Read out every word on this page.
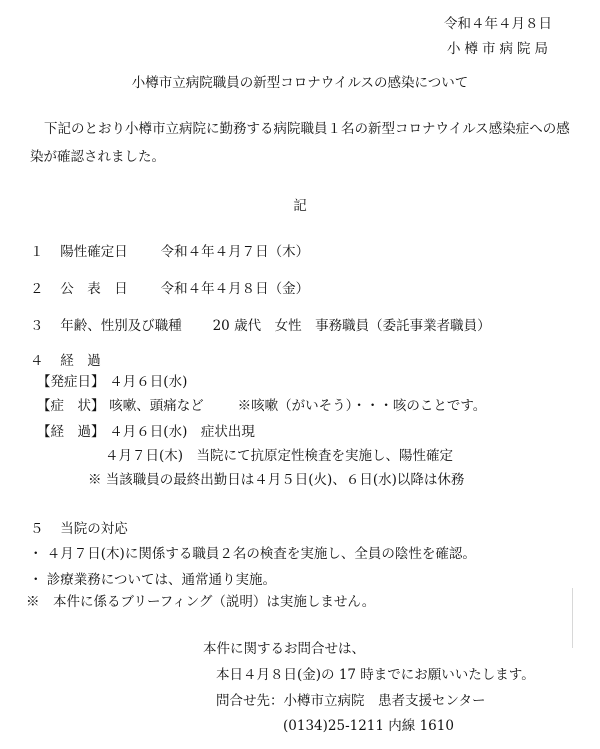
令和４年４月８日
小樽市病院局
小樽市立病院職員の新型コロナウイルスの感染について
下記のとおり小樽市立病院に勤務する病院職員１名の新型コロナウイルス感染症への感
染が確認されました。
記
１ 陽性確定日 令和４年４月７日（木）
２ 公　表　日 令和４年４月８日（金）
３ 年齢、性別及び職種 20 歳代　女性　事務職員（委託事業者職員）
４ 経　過
【発症日】 ４月６日(水)
【症　状】 咳嗽、頭痛など	※咳嗽（がいそう）・・・咳のことです。
【経　過】 ４月６日(水)　症状出現
４月７日(木)　当院にて抗原定性検査を実施し、陽性確定
※ 当該職員の最終出勤日は４月５日(火)、６日(水)以降は休務
５ 当院の対応
・ ４月７日(木)に関係する職員２名の検査を実施し、全員の陰性を確認。
・ 診療業務については、通常通り実施。
※　本件に係るブリーフィング（説明）は実施しません。
本件に関するお問合せは、
本日４月８日(金)の 17 時までにお願いいたします。
問合せ先：小樽市立病院　患者支援センター
(0134)25-1211 内線 1610
